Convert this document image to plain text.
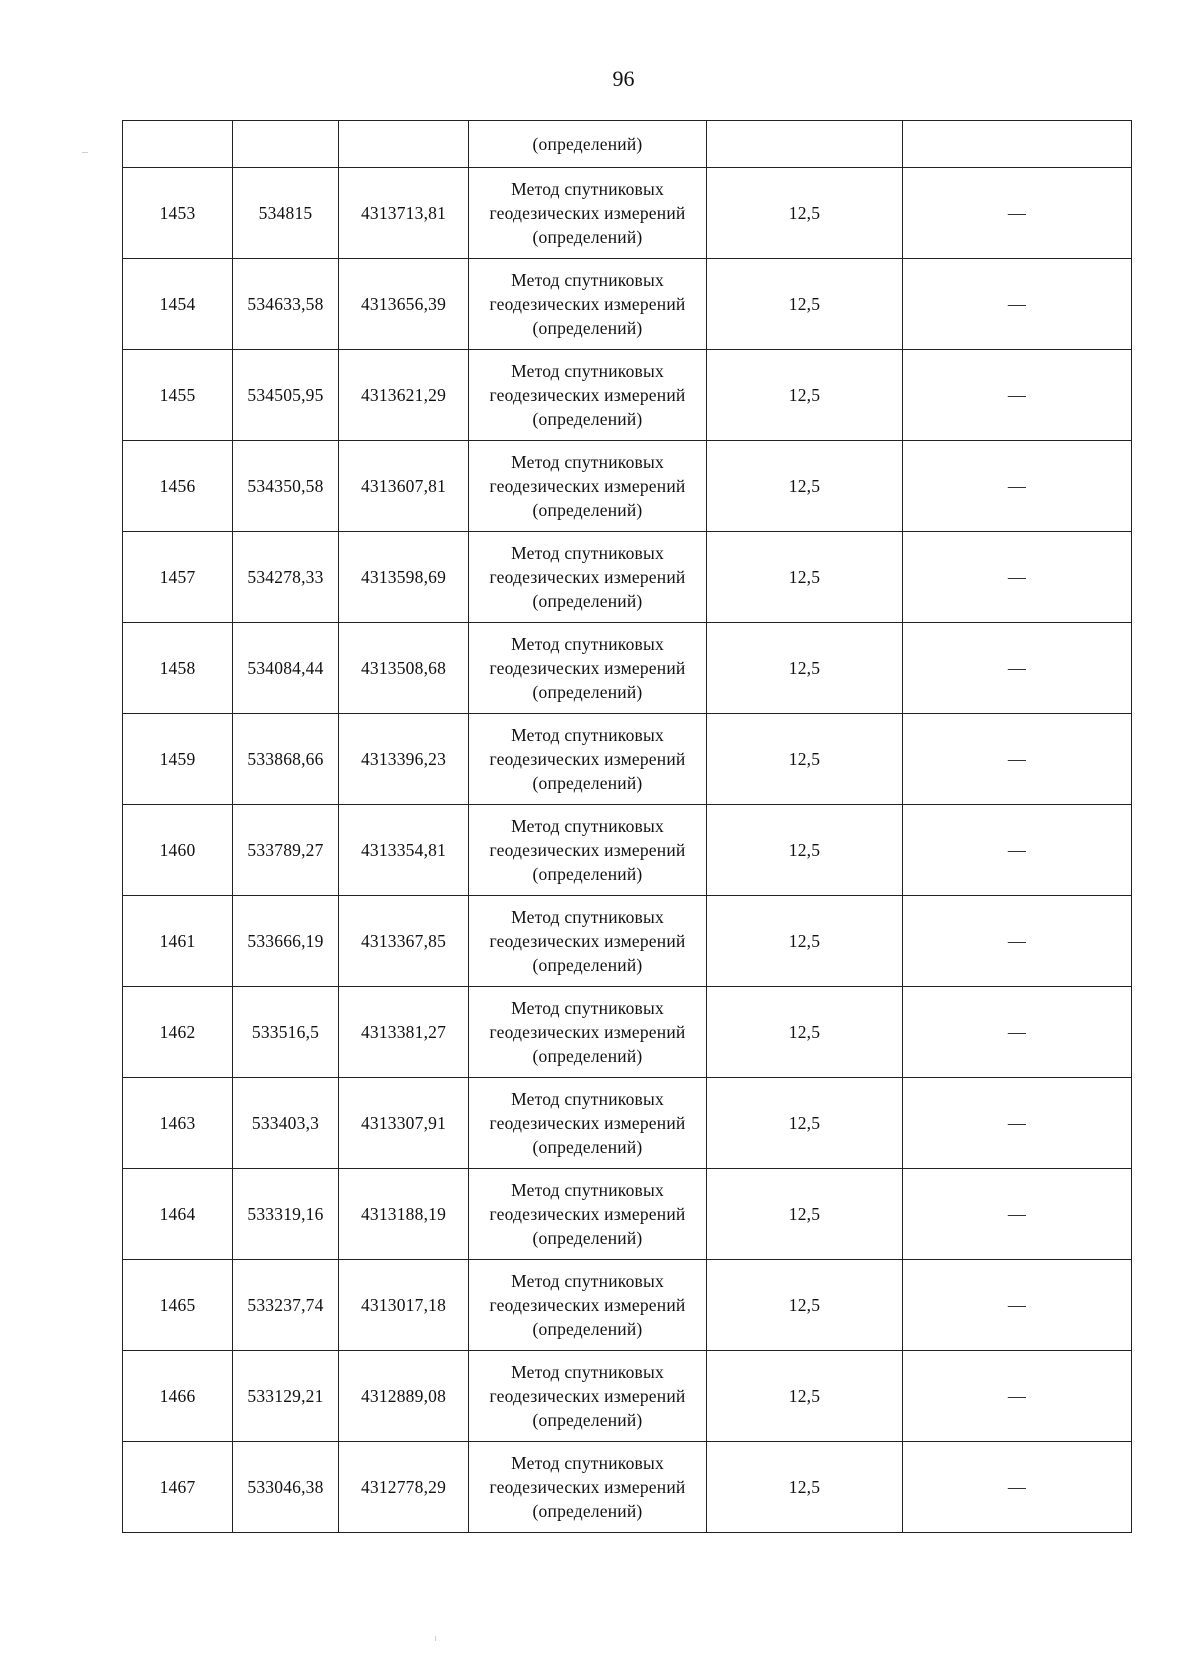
96
			(определений)		
1453	534815	4313713,81	Метод спутниковых
геодезических измерений
(определений)	12,5	—
1454	534633,58	4313656,39	Метод спутниковых
геодезических измерений
(определений)	12,5	—
1455	534505,95	4313621,29	Метод спутниковых
геодезических измерений
(определений)	12,5	—
1456	534350,58	4313607,81	Метод спутниковых
геодезических измерений
(определений)	12,5	—
1457	534278,33	4313598,69	Метод спутниковых
геодезических измерений
(определений)	12,5	—
1458	534084,44	4313508,68	Метод спутниковых
геодезических измерений
(определений)	12,5	—
1459	533868,66	4313396,23	Метод спутниковых
геодезических измерений
(определений)	12,5	—
1460	533789,27	4313354,81	Метод спутниковых
геодезических измерений
(определений)	12,5	—
1461	533666,19	4313367,85	Метод спутниковых
геодезических измерений
(определений)	12,5	—
1462	533516,5	4313381,27	Метод спутниковых
геодезических измерений
(определений)	12,5	—
1463	533403,3	4313307,91	Метод спутниковых
геодезических измерений
(определений)	12,5	—
1464	533319,16	4313188,19	Метод спутниковых
геодезических измерений
(определений)	12,5	—
1465	533237,74	4313017,18	Метод спутниковых
геодезических измерений
(определений)	12,5	—
1466	533129,21	4312889,08	Метод спутниковых
геодезических измерений
(определений)	12,5	—
1467	533046,38	4312778,29	Метод спутниковых
геодезических измерений
(определений)	12,5	—
